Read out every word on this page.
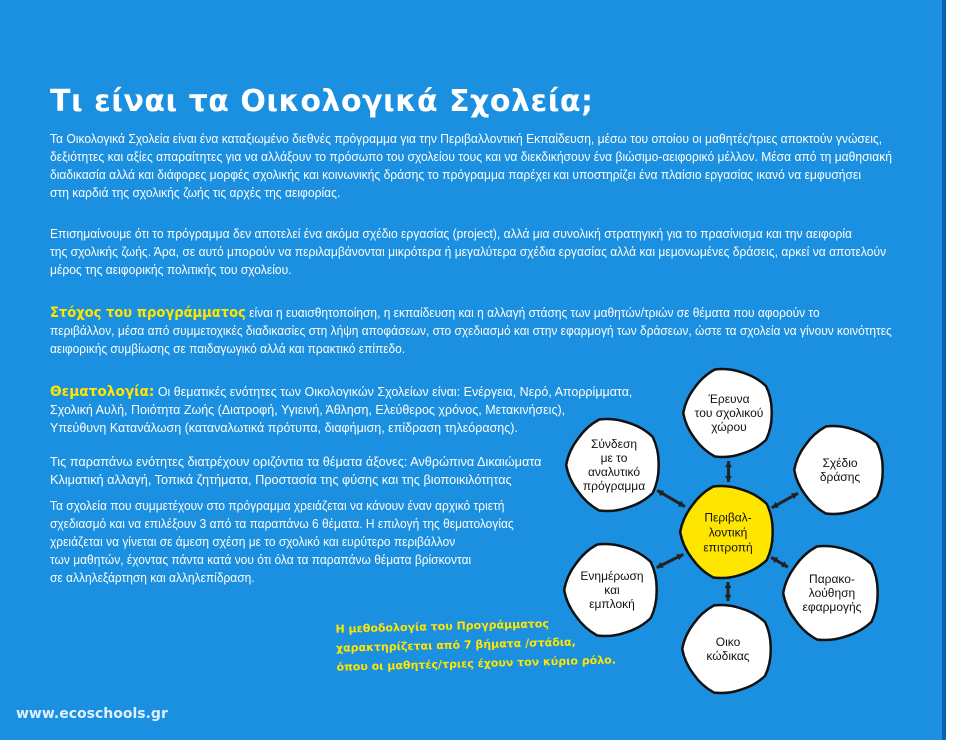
Τι είναι τα Οικολογικά Σχολεία;
Τα Οικολογικά Σχολεία είναι ένα καταξιωμένο διεθνές πρόγραμμα για την Περιβαλλοντική Εκπαίδευση, μέσω του οποίου οι μαθητές/τριες αποκτούν γνώσεις,
δεξιότητες και αξίες απαραίτητες για να αλλάξουν το πρόσωπο του σχολείου τους και να διεκδικήσουν ένα βιώσιμο-αειφορικό μέλλον. Μέσα από τη μαθησιακή
διαδικασία αλλά και διάφορες μορφές σχολικής και κοινωνικής δράσης το πρόγραμμα παρέχει και υποστηρίζει ένα πλαίσιο εργασίας ικανό να εμφυσήσει
στη καρδιά της σχολικής ζωής τις αρχές της αειφορίας.
Επισημαίνουμε ότι το πρόγραμμα δεν αποτελεί ένα ακόμα σχέδιο εργασίας (project), αλλά μια συνολική στρατηγική για το πρασίνισμα και την αειφορία
της σχολικής ζωής. Άρα, σε αυτό μπορούν να περιλαμβάνονται μικρότερα ή μεγαλύτερα σχέδια εργασίας αλλά και μεμονωμένες δράσεις, αρκεί να αποτελούν
μέρος της αειφορικής πολιτικής του σχολείου.
Στόχος του προγράμματος είναι η ευαισθητοποίηση, η εκπαίδευση και η αλλαγή στάσης των μαθητών/τριών σε θέματα που αφορούν το
περιβάλλον, μέσα από συμμετοχικές διαδικασίες στη λήψη αποφάσεων, στο σχεδιασμό και στην εφαρμογή των δράσεων, ώστε τα σχολεία να γίνουν κοινότητες
αειφορικής συμβίωσης σε παιδαγωγικό αλλά και πρακτικό επίπεδο.
Θεματολογία: Οι θεματικές ενότητες των Οικολογικών Σχολείων είναι: Ενέργεια, Νερό, Απορρίμματα,
Σχολική Αυλή, Ποιότητα Ζωής (Διατροφή, Υγιεινή, Άθληση, Ελεύθερος χρόνος, Μετακινήσεις),
Υπεύθυνη Κατανάλωση (καταναλωτικά πρότυπα, διαφήμιση, επίδραση τηλεόρασης).
Τις παραπάνω ενότητες διατρέχουν οριζόντια τα θέματα άξονες: Ανθρώπινα Δικαιώματα
Κλιματική αλλαγή, Τοπικά ζητήματα, Προστασία της φύσης και της βιοποικιλότητας
Τα σχολεία που συμμετέχουν στο πρόγραμμα χρειάζεται να κάνουν έναν αρχικό τριετή
σχεδιασμό και να επιλέξουν 3 από τα παραπάνω 6 θέματα. Η επιλογή της θεματολογίας
χρειάζεται να γίνεται σε άμεση σχέση με το σχολικό και ευρύτερο περιβάλλον
των μαθητών, έχοντας πάντα κατά νου ότι όλα τα παραπάνω θέματα βρίσκονται
σε αλληλεξάρτηση και αλληλεπίδραση.
Η μεθοδολογία του Προγράμματος
χαρακτηρίζεται από 7 βήματα /στάδια,
όπου οι μαθητές/τριες έχουν τον κύριο ρόλο.
Έρευνα
του σχολικού
χώρου
Σχέδιο
δράσης
Παρακο-
λούθηση
εφαρμογής
Οικο
κώδικας
Ενημέρωση
και
εμπλοκή
Σύνδεση
με το
αναλυτικό
πρόγραμμα
Περιβαλ-
λοντική
επιτροπή
www.ecoschools.gr
